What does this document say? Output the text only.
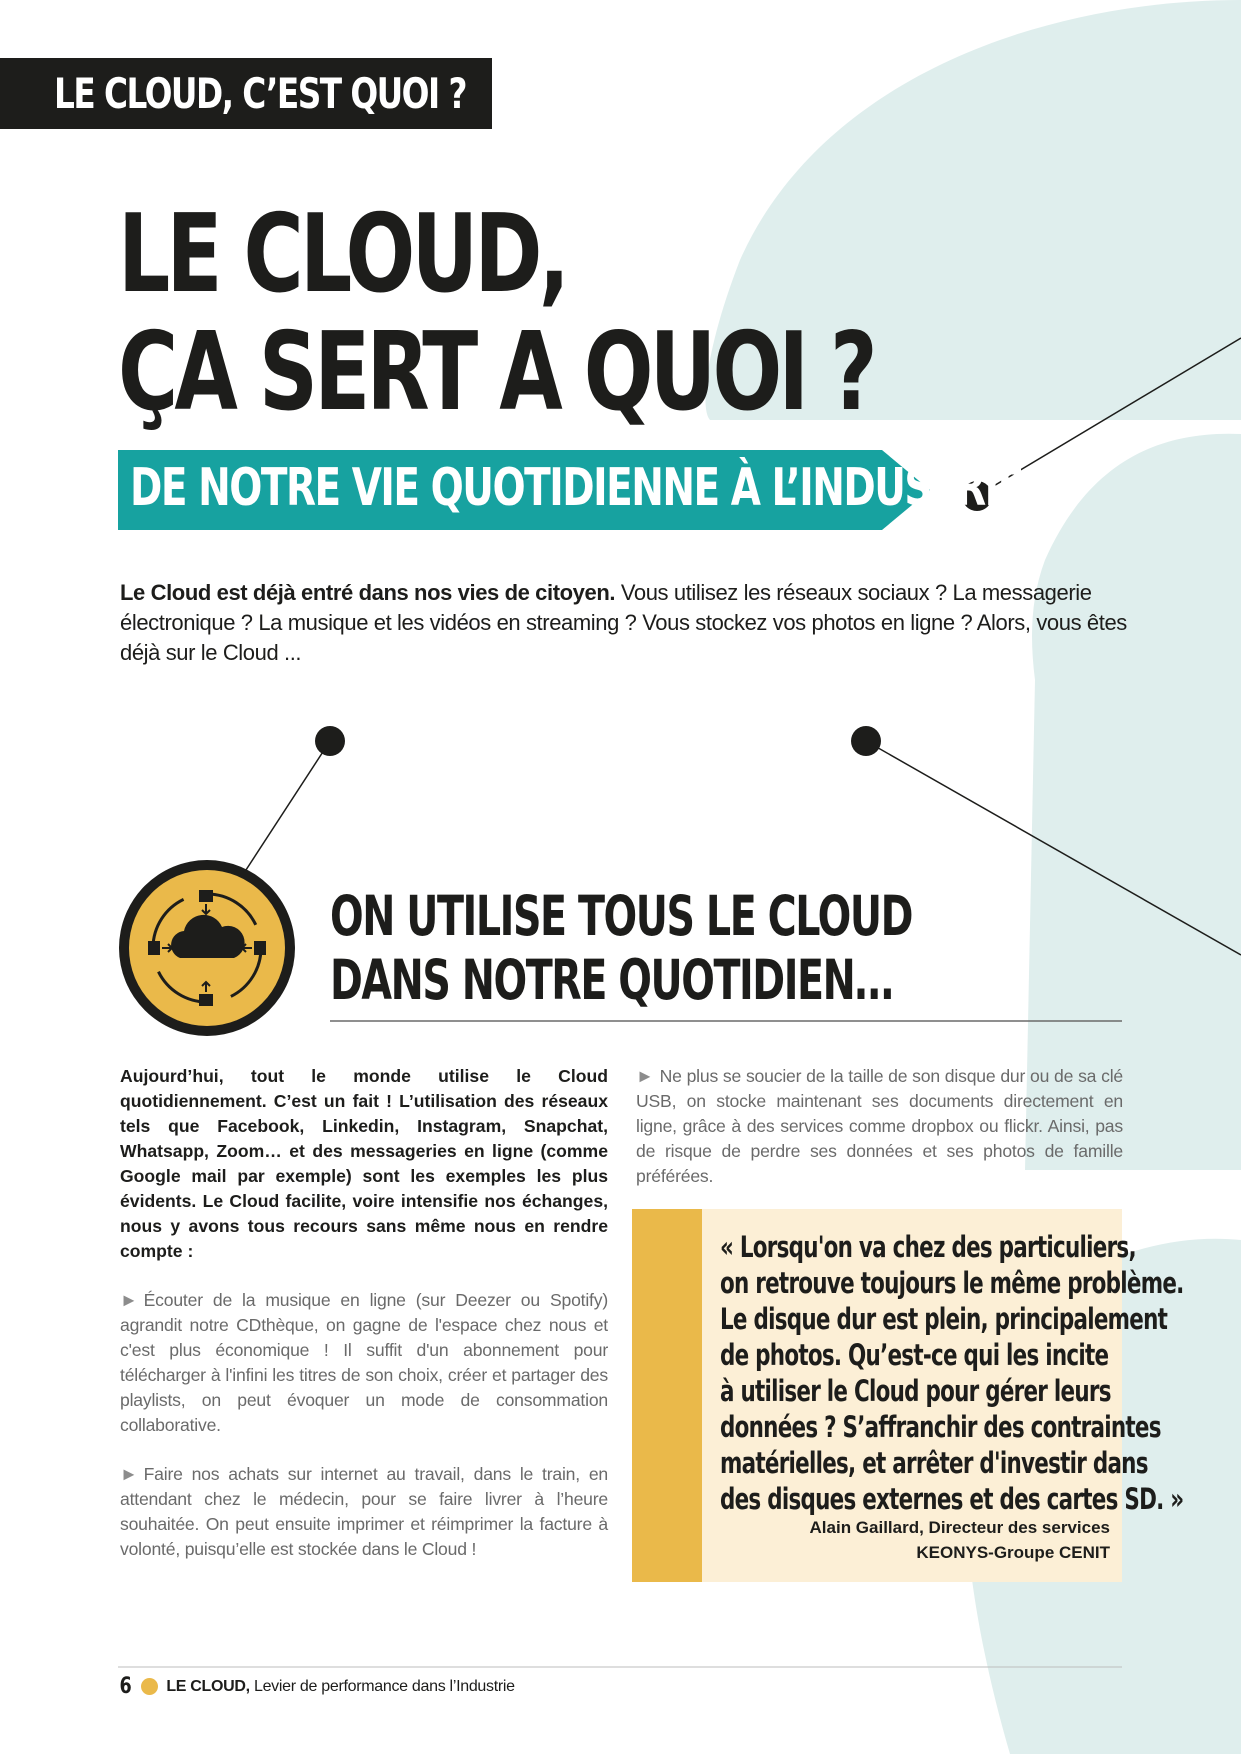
LE CLOUD, C’EST QUOI ?
LE CLOUD,
ÇA SERT A QUOI ?
DE NOTRE VIE QUOTIDIENNE À L’INDUSTRIE

Le Cloud est déjà entré dans nos vies de citoyen. Vous utilisez les réseaux sociaux ? La messagerie électronique ? La musique et les vidéos en streaming ? Vous stockez vos photos en ligne ? Alors, vous êtes déjà sur le Cloud ...

ON UTILISE TOUS LE CLOUD
DANS NOTRE QUOTIDIEN…

Aujourd’hui, tout le monde utilise le Cloud quotidiennement. C’est un fait ! L’utilisation des réseaux tels que Facebook, Linkedin, Instagram, Snapchat, Whatsapp, Zoom… et des messageries en ligne (comme Google mail par exemple) sont les exemples les plus évidents. Le Cloud facilite, voire intensifie nos échanges, nous y avons tous recours sans même nous en rendre compte :

► Écouter de la musique en ligne (sur Deezer ou Spotify) agrandit notre CDthèque, on gagne de l'espace chez nous et c'est plus économique ! Il suffit d'un abonnement pour télécharger à l'infini les titres de son choix, créer et partager des playlists, on peut évoquer un mode de consommation collaborative.

► Faire nos achats sur internet au travail, dans le train, en attendant chez le médecin, pour se faire livrer à l’heure souhaitée. On peut ensuite imprimer et réimprimer la facture à volonté, puisqu’elle est stockée dans le Cloud !

► Ne plus se soucier de la taille de son disque dur ou de sa clé USB, on stocke maintenant ses documents directement en ligne, grâce à des services comme dropbox ou flickr. Ainsi, pas de risque de perdre ses données et ses photos de famille préférées.

« Lorsqu'on va chez des particuliers,
on retrouve toujours le même problème.
Le disque dur est plein, principalement
de photos. Qu’est-ce qui les incite
à utiliser le Cloud pour gérer leurs
données ? S’affranchir des contraintes
matérielles, et arrêter d'investir dans
des disques externes et des cartes SD. »
Alain Gaillard, Directeur des services
KEONYS-Groupe CENIT
6 LE CLOUD, Levier de performance dans l’Industrie
